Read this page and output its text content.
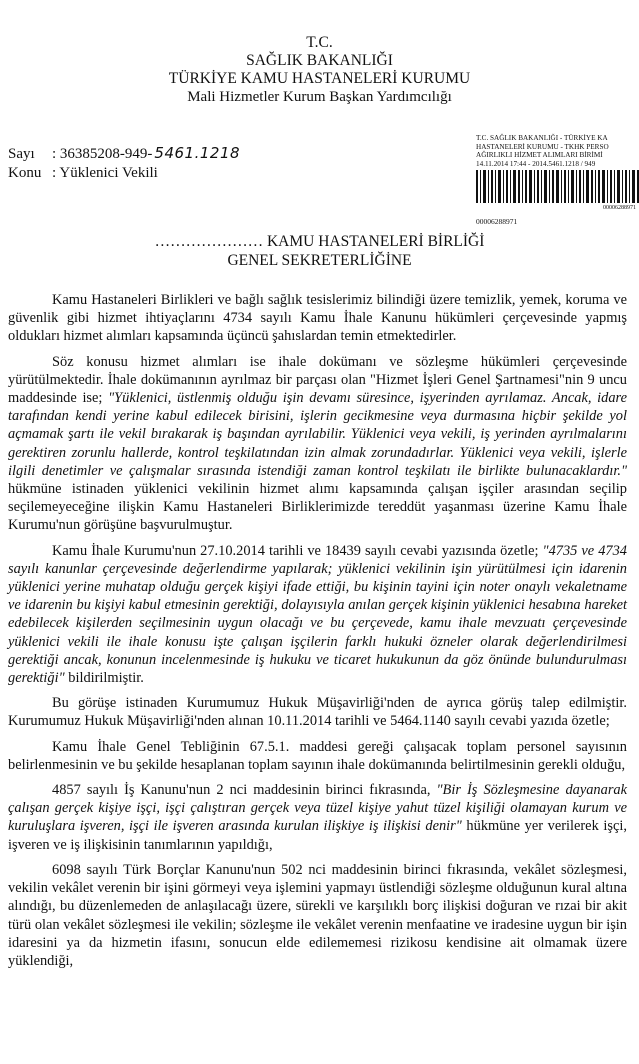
T.C.
SAĞLIK BAKANLIĞI
TÜRKİYE KAMU HASTANELERİ KURUMU
Mali Hizmetler Kurum Başkan Yardımcılığı
Sayı : 36385208-949- 5461.1218
Konu : Yüklenici Vekili
T.C. SAĞLIK BAKANLIĞI - TÜRKİYE KA
HASTANELERİ KURUMU - TKHK PERSO
AĞIRLIKLI HİZMET ALIMLARI BİRİMİ
14.11.2014 17:44 - 2014.5461.1218 / 949
00006288971
00006288971
………………… KAMU HASTANELERİ BİRLİĞİ
GENEL SEKRETERLİĞİNE

Kamu Hastaneleri Birlikleri ve bağlı sağlık tesislerimiz bilindiği üzere temizlik, yemek, koruma ve güvenlik gibi hizmet ihtiyaçlarını 4734 sayılı Kamu İhale Kanunu hükümleri çerçevesinde yapmış oldukları hizmet alımları kapsamında üçüncü şahıslardan temin etmektedirler.

Söz konusu hizmet alımları ise ihale dokümanı ve sözleşme hükümleri çerçevesinde yürütülmektedir. İhale dokümanının ayrılmaz bir parçası olan "Hizmet İşleri Genel Şartnamesi"nin 9 uncu maddesinde ise; "Yüklenici, üstlenmiş olduğu işin devamı süresince, işyerinden ayrılamaz. Ancak, idare tarafından kendi yerine kabul edilecek birisini, işlerin gecikmesine veya durmasına hiçbir şekilde yol açmamak şartı ile vekil bırakarak iş başından ayrılabilir. Yüklenici veya vekili, iş yerinden ayrılmalarını gerektiren zorunlu hallerde, kontrol teşkilatından izin almak zorundadırlar. Yüklenici veya vekili, işlerle ilgili denetimler ve çalışmalar sırasında istendiği zaman kontrol teşkilatı ile birlikte bulunacaklardır." hükmüne istinaden yüklenici vekilinin hizmet alımı kapsamında çalışan işçiler arasından seçilip seçilemeyeceğine ilişkin Kamu Hastaneleri Birliklerimizde tereddüt yaşanması üzerine Kamu İhale Kurumu'nun görüşüne başvurulmuştur.

Kamu İhale Kurumu'nun 27.10.2014 tarihli ve 18439 sayılı cevabi yazısında özetle; "4735 ve 4734 sayılı kanunlar çerçevesinde değerlendirme yapılarak; yüklenici vekilinin işin yürütülmesi için idarenin yüklenici yerine muhatap olduğu gerçek kişiyi ifade ettiği, bu kişinin tayini için noter onaylı vekaletname ve idarenin bu kişiyi kabul etmesinin gerektiği, dolayısıyla anılan gerçek kişinin yüklenici hesabına hareket edebilecek kişilerden seçilmesinin uygun olacağı ve bu çerçevede, kamu ihale mevzuatı çerçevesinde yüklenici vekili ile ihale konusu işte çalışan işçilerin farklı hukuki özneler olarak değerlendirilmesi gerektiği ancak, konunun incelenmesinde iş hukuku ve ticaret hukukunun da göz önünde bulundurulması gerektiği" bildirilmiştir.

Bu görüşe istinaden Kurumumuz Hukuk Müşavirliği'nden de ayrıca görüş talep edilmiştir. Kurumumuz Hukuk Müşavirliği'nden alınan 10.11.2014 tarihli ve 5464.1140 sayılı cevabi yazıda özetle;

Kamu İhale Genel Tebliğinin 67.5.1. maddesi gereği çalışacak toplam personel sayısının belirlenmesinin ve bu şekilde hesaplanan toplam sayının ihale dokümanında belirtilmesinin gerekli olduğu,

4857 sayılı İş Kanunu'nun 2 nci maddesinin birinci fıkrasında, "Bir İş Sözleşmesine dayanarak çalışan gerçek kişiye işçi, işçi çalıştıran gerçek veya tüzel kişiye yahut tüzel kişiliği olamayan kurum ve kuruluşlara işveren, işçi ile işveren arasında kurulan ilişkiye iş ilişkisi denir" hükmüne yer verilerek işçi, işveren ve iş ilişkisinin tanımlarının yapıldığı,

6098 sayılı Türk Borçlar Kanunu'nun 502 nci maddesinin birinci fıkrasında, vekâlet sözleşmesi, vekilin vekâlet verenin bir işini görmeyi veya işlemini yapmayı üstlendiği sözleşme olduğunun kural altına alındığı, bu düzenlemeden de anlaşılacağı üzere, sürekli ve karşılıklı borç ilişkisi doğuran ve rızai bir akit türü olan vekâlet sözleşmesi ile vekilin; sözleşme ile vekâlet verenin menfaatine ve iradesine uygun bir işin idaresini ya da hizmetin ifasını, sonucun elde edilememesi rizikosu kendisine ait olmamak üzere yüklendiği,
